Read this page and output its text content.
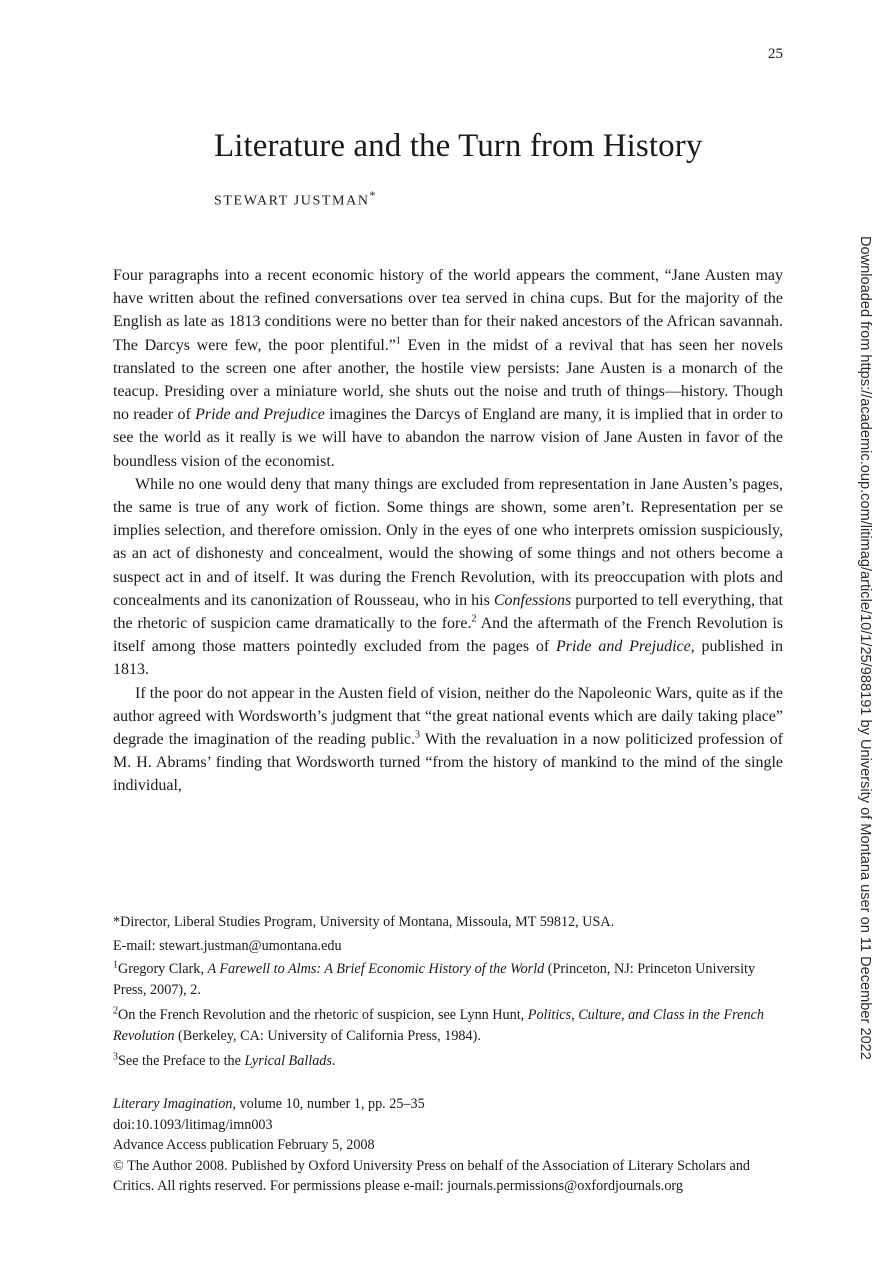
25
Literature and the Turn from History
STEWART JUSTMAN*

Four paragraphs into a recent economic history of the world appears the comment, “Jane Austen may have written about the refined conversations over tea served in china cups. But for the majority of the English as late as 1813 conditions were no better than for their naked ancestors of the African savannah. The Darcys were few, the poor plentiful.”$^1$ Even in the midst of a revival that has seen her novels translated to the screen one after another, the hostile view persists: Jane Austen is a monarch of the teacup. Presiding over a miniature world, she shuts out the noise and truth of things—history. Though no reader of Pride and Prejudice imagines the Darcys of England are many, it is implied that in order to see the world as it really is we will have to abandon the narrow vision of Jane Austen in favor of the boundless vision of the economist.

While no one would deny that many things are excluded from representation in Jane Austen’s pages, the same is true of any work of fiction. Some things are shown, some aren’t. Representation per se implies selection, and therefore omission. Only in the eyes of one who interprets omission suspiciously, as an act of dishonesty and concealment, would the showing of some things and not others become a suspect act in and of itself. It was during the French Revolution, with its preoccupation with plots and concealments and its canonization of Rousseau, who in his Confessions purported to tell everything, that the rhetoric of suspicion came dramatically to the fore.$^2$ And the aftermath of the French Revolution is itself among those matters pointedly excluded from the pages of Pride and Prejudice, published in 1813.

If the poor do not appear in the Austen field of vision, neither do the Napoleonic Wars, quite as if the author agreed with Wordsworth’s judgment that “the great national events which are daily taking place” degrade the imagination of the reading public.$^3$ With the revaluation in a now politicized profession of M. H. Abrams’ finding that Wordsworth turned “from the history of mankind to the mind of the single individual,

*Director, Liberal Studies Program, University of Montana, Missoula, MT 59812, USA.

E-mail: stewart.justman@umontana.edu

$^1$Gregory Clark, A Farewell to Alms: A Brief Economic History of the World (Princeton, NJ: Princeton University Press, 2007), 2.

$^2$On the French Revolution and the rhetoric of suspicion, see Lynn Hunt, Politics, Culture, and Class in the French Revolution (Berkeley, CA: University of California Press, 1984).

$^3$See the Preface to the Lyrical Ballads.

Literary Imagination, volume 10, number 1, pp. 25–35
doi:10.1093/litimag/imn003
Advance Access publication February 5, 2008
© The Author 2008. Published by Oxford University Press on behalf of the Association of Literary Scholars and Critics. All rights reserved. For permissions please e-mail: journals.permissions@oxfordjournals.org
Downloaded from https://academic.oup.com/litimag/article/10/1/25/988191 by University of Montana user on 11 December 2022
